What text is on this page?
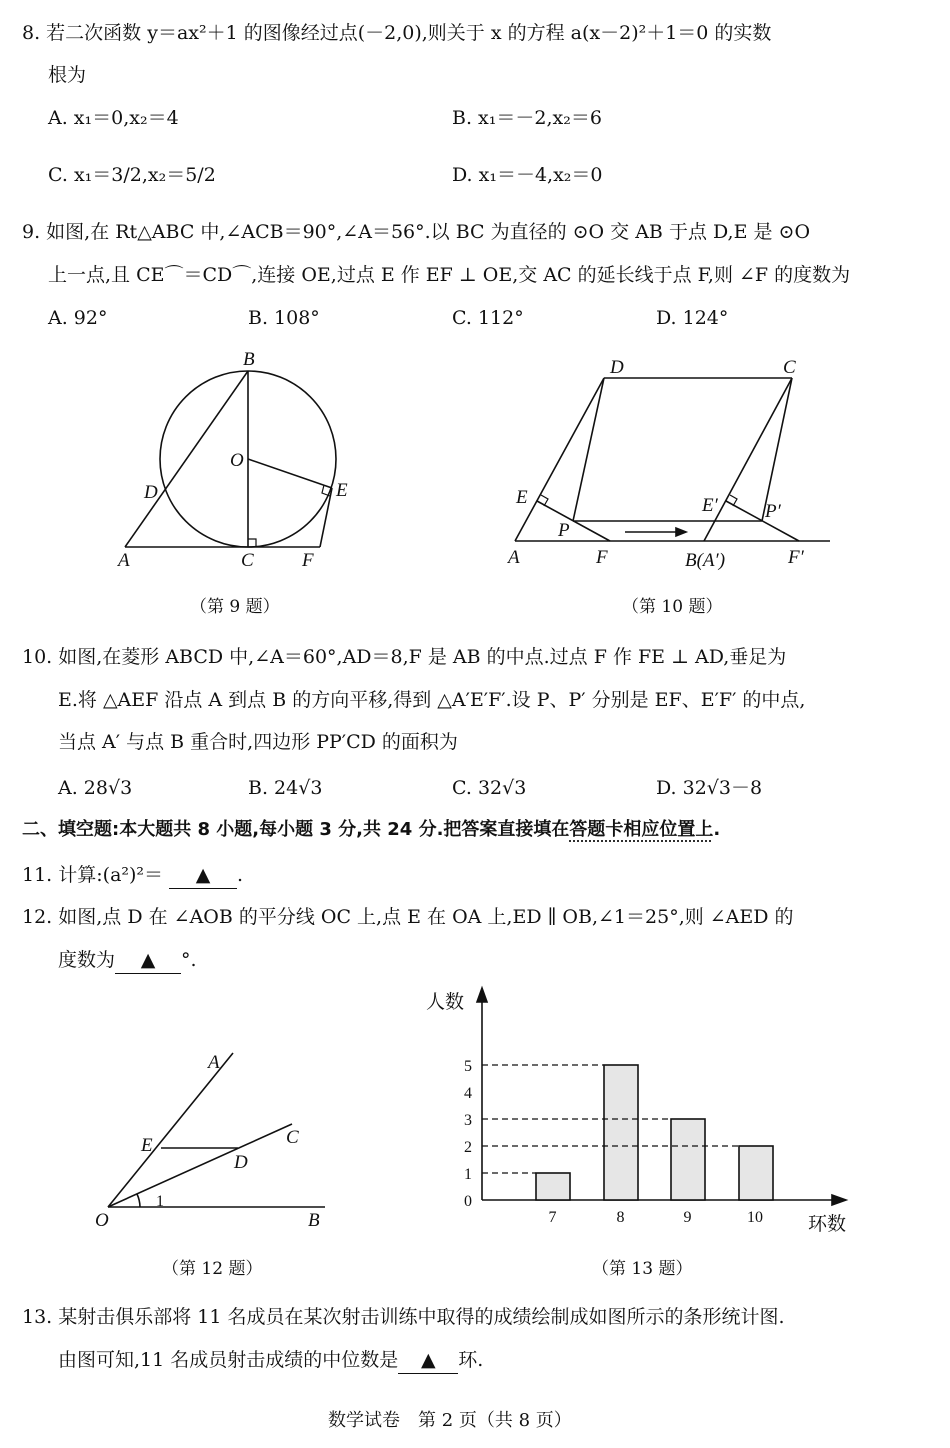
8. 若二次函数 y＝ax²＋1 的图像经过点(－2,0),则关于 x 的方程 a(x－2)²＋1＝0 的实数
根为
A. x₁＝0,x₂＝4	B. x₁＝－2,x₂＝6
C. x₁＝3/2,x₂＝5/2	D. x₁＝－4,x₂＝0
9. 如图,在 Rt△ABC 中,∠ACB＝90°,∠A＝56°.以 BC 为直径的 ⊙O 交 AB 于点 D,E 是 ⊙O
上一点,且 CE⌒＝CD⌒,连接 OE,过点 E 作 EF ⊥ OE,交 AC 的延长线于点 F,则 ∠F 的度数为
A. 92°	B. 108°	C. 112°	D. 124°
B
O
D	E
A	C	F
D	C
E
P
E′ P′
A	F	B(A′)	F′
A
E
D
C
O
1
B
人数
环数
0
1
2
3
4
5
7	8	9	10
（第 9 题）	（第 10 题）
10. 如图,在菱形 ABCD 中,∠A＝60°,AD＝8,F 是 AB 的中点.过点 F 作 FE ⊥ AD,垂足为
E.将 △AEF 沿点 A 到点 B 的方向平移,得到 △A′E′F′.设 P、P′ 分别是 EF、E′F′ 的中点,
当点 A′ 与点 B 重合时,四边形 PP′CD 的面积为
A. 28√3	B. 24√3	C. 32√3	D. 32√3－8
二、填空题:本大题共 8 小题,每小题 3 分,共 24 分.把答案直接填在答题卡相应位置上.
11. 计算:(a²)²＝ ▲ .
12. 如图,点 D 在 ∠AOB 的平分线 OC 上,点 E 在 OA 上,ED ∥ OB,∠1＝25°,则 ∠AED 的
度数为 ▲ °.
（第 12 题）	（第 13 题）
13. 某射击俱乐部将 11 名成员在某次射击训练中取得的成绩绘制成如图所示的条形统计图.
由图可知,11 名成员射击成绩的中位数是 ▲ 环.
数学试卷　第 2 页（共 8 页）
